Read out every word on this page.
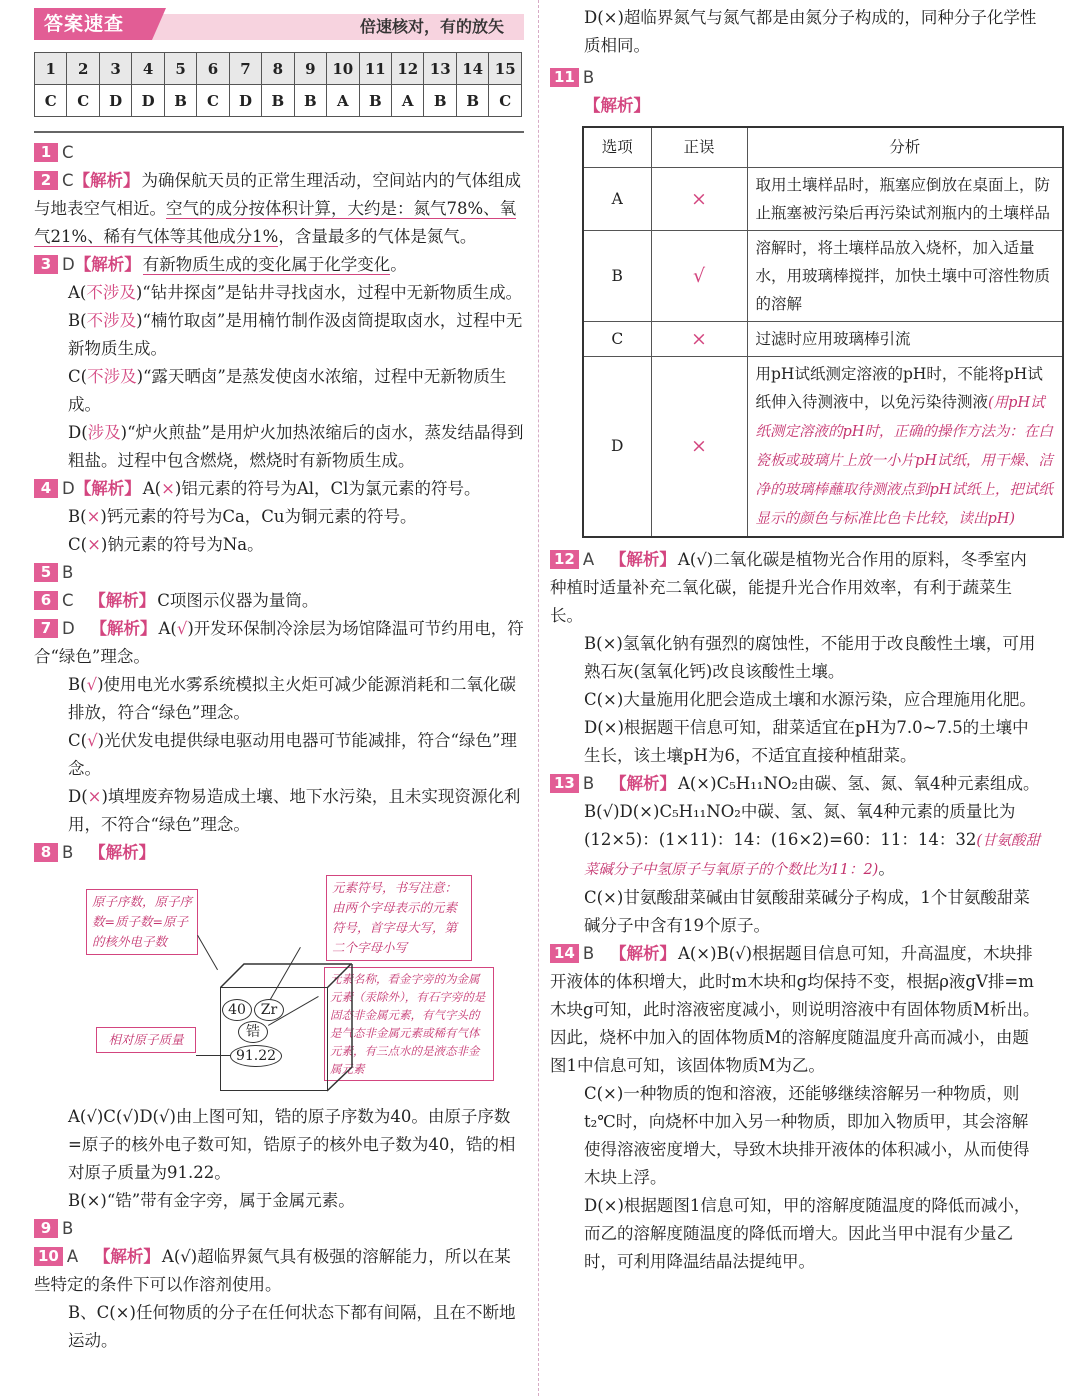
答案速查	倍速核对，有的放矢
1	2	3	4	5	6	7	8	9	10	11	12	13	14	15
C	C	D	D	B	C	D	B	B	A	B	A	B	B	C

1 C

2 C【解析】 为确保航天员的正常生理活动，空间站内的气体组成与地表空气相近。空气的成分按体积计算，大约是：氮气78%、氧气21%、稀有气体等其他成分1%，含量最多的气体是氮气。

3 D【解析】 有新物质生成的变化属于化学变化。

A(不涉及)“钻井探卤”是钻井寻找卤水，过程中无新物质生成。

B(不涉及)“楠竹取卤”是用楠竹制作汲卤筒提取卤水，过程中无新物质生成。

C(不涉及)“露天晒卤”是蒸发使卤水浓缩，过程中无新物质生成。

D(涉及)“炉火煎盐”是用炉火加热浓缩后的卤水，蒸发结晶得到粗盐。过程中包含燃烧，燃烧时有新物质生成。

4 D【解析】 A(×)铝元素的符号为Al，Cl为氯元素的符号。

B(×)钙元素的符号为Ca，Cu为铜元素的符号。

C(×)钠元素的符号为Na。

5 B

6 C 【解析】 C项图示仪器为量筒。

7 D 【解析】 A(√)开发环保制冷涂层为场馆降温可节约用电，符合“绿色”理念。

B(√)使用电光水雾系统模拟主火炬可减少能源消耗和二氧化碳排放，符合“绿色”理念。

C(√)光伏发电提供绿电驱动用电器可节能减排，符合“绿色”理念。

D(×)填埋废弃物易造成土壤、地下水污染，且未实现资源化利用，不符合“绿色”理念。

8 B 【解析】

原子序数，原子序数=质子数=原子的核外电子数
元素符号，书写注意：由两个字母表示的元素符号，首字母大写，第二个字母小写
元素名称，看金字旁的为金属元素（汞除外），有石字旁的是固态非金属元素，有气字头的是气态非金属元素或稀有气体元素，有三点水的是液态非金属元素
相对原子质量
40	Zr
锆
91.22

A(√)C(√)D(√)由上图可知，锆的原子序数为40。由原子序数=原子的核外电子数可知，锆原子的核外电子数为40，锆的相对原子质量为91.22。

B(×)“锆”带有金字旁，属于金属元素。

9 B

10 A 【解析】 A(√)超临界氮气具有极强的溶解能力，所以在某些特定的条件下可以作溶剂使用。

B、C(×)任何物质的分子在任何状态下都有间隔，且在不断地运动。

D(×)超临界氮气与氮气都是由氮分子构成的，同种分子化学性质相同。

11 B

【解析】

选项	正误	分析
A	×	取用土壤样品时，瓶塞应倒放在桌面上，防止瓶塞被污染后再污染试剂瓶内的土壤样品
B	√	溶解时，将土壤样品放入烧杯，加入适量水，用玻璃棒搅拌，加快土壤中可溶性物质的溶解
C	×	过滤时应用玻璃棒引流
D	×	用pH试纸测定溶液的pH时，不能将pH试纸伸入待测液中，以免污染待测液(用pH试纸测定溶液的pH时，正确的操作方法为：在白瓷板或玻璃片上放一小片pH试纸，用干燥、洁净的玻璃棒蘸取待测液点到pH试纸上，把试纸显示的颜色与标准比色卡比较，读出pH)

12 A 【解析】 A(√)二氧化碳是植物光合作用的原料，冬季室内种植时适量补充二氧化碳，能提升光合作用效率，有利于蔬菜生长。

B(×)氢氧化钠有强烈的腐蚀性，不能用于改良酸性土壤，可用熟石灰(氢氧化钙)改良该酸性土壤。

C(×)大量施用化肥会造成土壤和水源污染，应合理施用化肥。

D(×)根据题干信息可知，甜菜适宜在pH为7.0~7.5的土壤中生长，该土壤pH为6，不适宜直接种植甜菜。

13 B 【解析】 A(×)C₅H₁₁NO₂由碳、氢、氮、氧4种元素组成。

B(√)D(×)C₅H₁₁NO₂中碳、氢、氮、氧4种元素的质量比为(12×5)：(1×11)：14：(16×2)=60：11：14：32(甘氨酸甜菜碱分子中氢原子与氧原子的个数比为11：2)。

C(×)甘氨酸甜菜碱由甘氨酸甜菜碱分子构成，1个甘氨酸甜菜碱分子中含有19个原子。

14 B 【解析】 A(×)B(√)根据题目信息可知，升高温度，木块排开液体的体积增大，此时m木块和g均保持不变，根据ρ液gV排=m木块g可知，此时溶液密度减小，则说明溶液中有固体物质M析出。因此，烧杯中加入的固体物质M的溶解度随温度升高而减小，由题图1中信息可知，该固体物质M为乙。

C(×)一种物质的饱和溶液，还能够继续溶解另一种物质，则t₂℃时，向烧杯中加入另一种物质，即加入物质甲，其会溶解使得溶液密度增大，导致木块排开液体的体积减小，从而使得木块上浮。

D(×)根据题图1信息可知，甲的溶解度随温度的降低而减小，而乙的溶解度随温度的降低而增大。因此当甲中混有少量乙时，可利用降温结晶法提纯甲。
